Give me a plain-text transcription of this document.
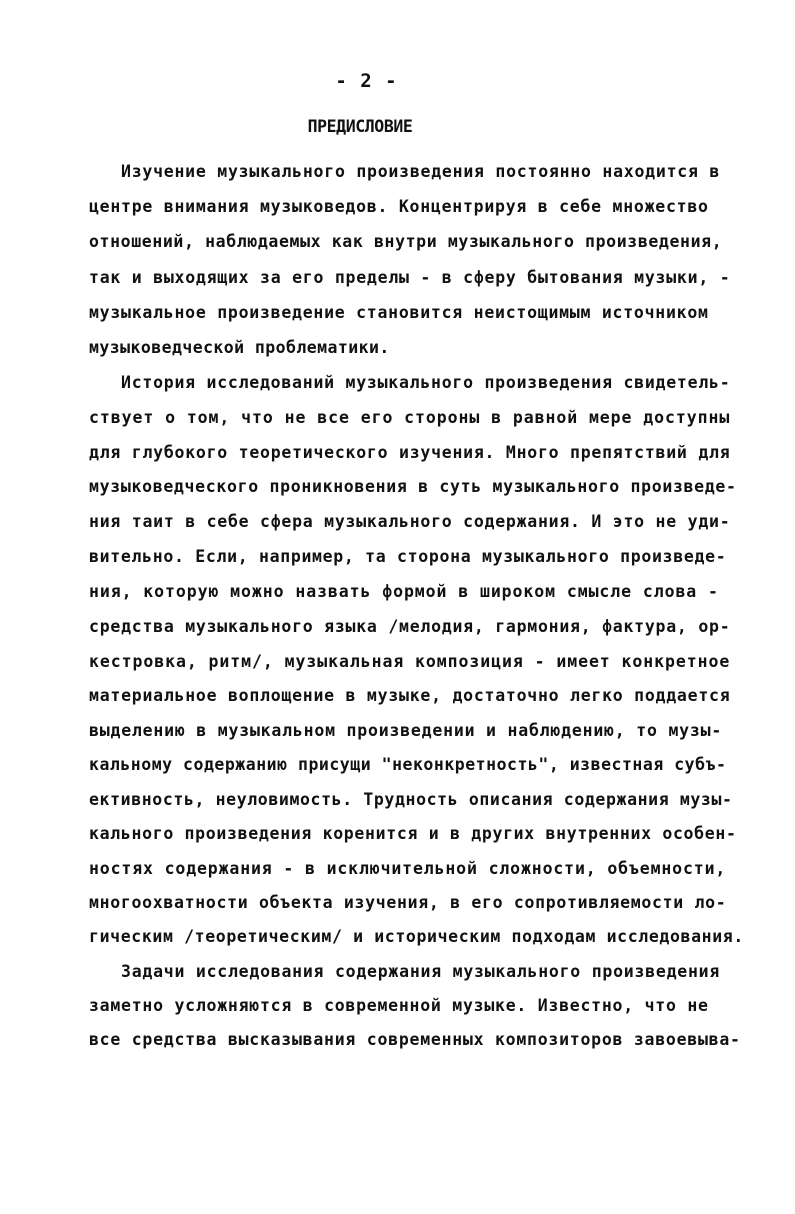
- 2 -
ПРЕДИСЛОВИЕ
Изучение музыкального произведения постоянно находится в
центре внимания музыковедов. Концентрируя в себе множество
отношений, наблюдаемых как внутри музыкального произведения,
так и выходящих за его пределы - в сферу бытования музыки, -
музыкальное произведение становится неистощимым источником
музыковедческой проблематики.
История исследований музыкального произведения свидетель-
ствует о том, что не все его стороны в равной мере доступны
для глубокого теоретического изучения. Много препятствий для
музыковедческого проникновения в суть музыкального произведе-
ния таит в себе сфера музыкального содержания. И это не уди-
вительно. Если, например, та сторона музыкального произведе-
ния, которую можно назвать формой в широком смысле слова -
средства музыкального языка /мелодия, гармония, фактура, ор-
кестровка, ритм/, музыкальная композиция - имеет конкретное
материальное воплощение в музыке, достаточно легко поддается
выделению в музыкальном произведении и наблюдению, то музы-
кальному содержанию присущи "неконкретность", известная субъ-
ективность, неуловимость. Трудность описания содержания музы-
кального произведения коренится и в других внутренних особен-
ностях содержания - в исключительной сложности, объемности,
многоохватности объекта изучения, в его сопротивляемости ло-
гическим /теоретическим/ и историческим подходам исследования.
Задачи исследования содержания музыкального произведения
заметно усложняются в современной музыке. Известно, что не
все средства высказывания современных композиторов завоевыва-
